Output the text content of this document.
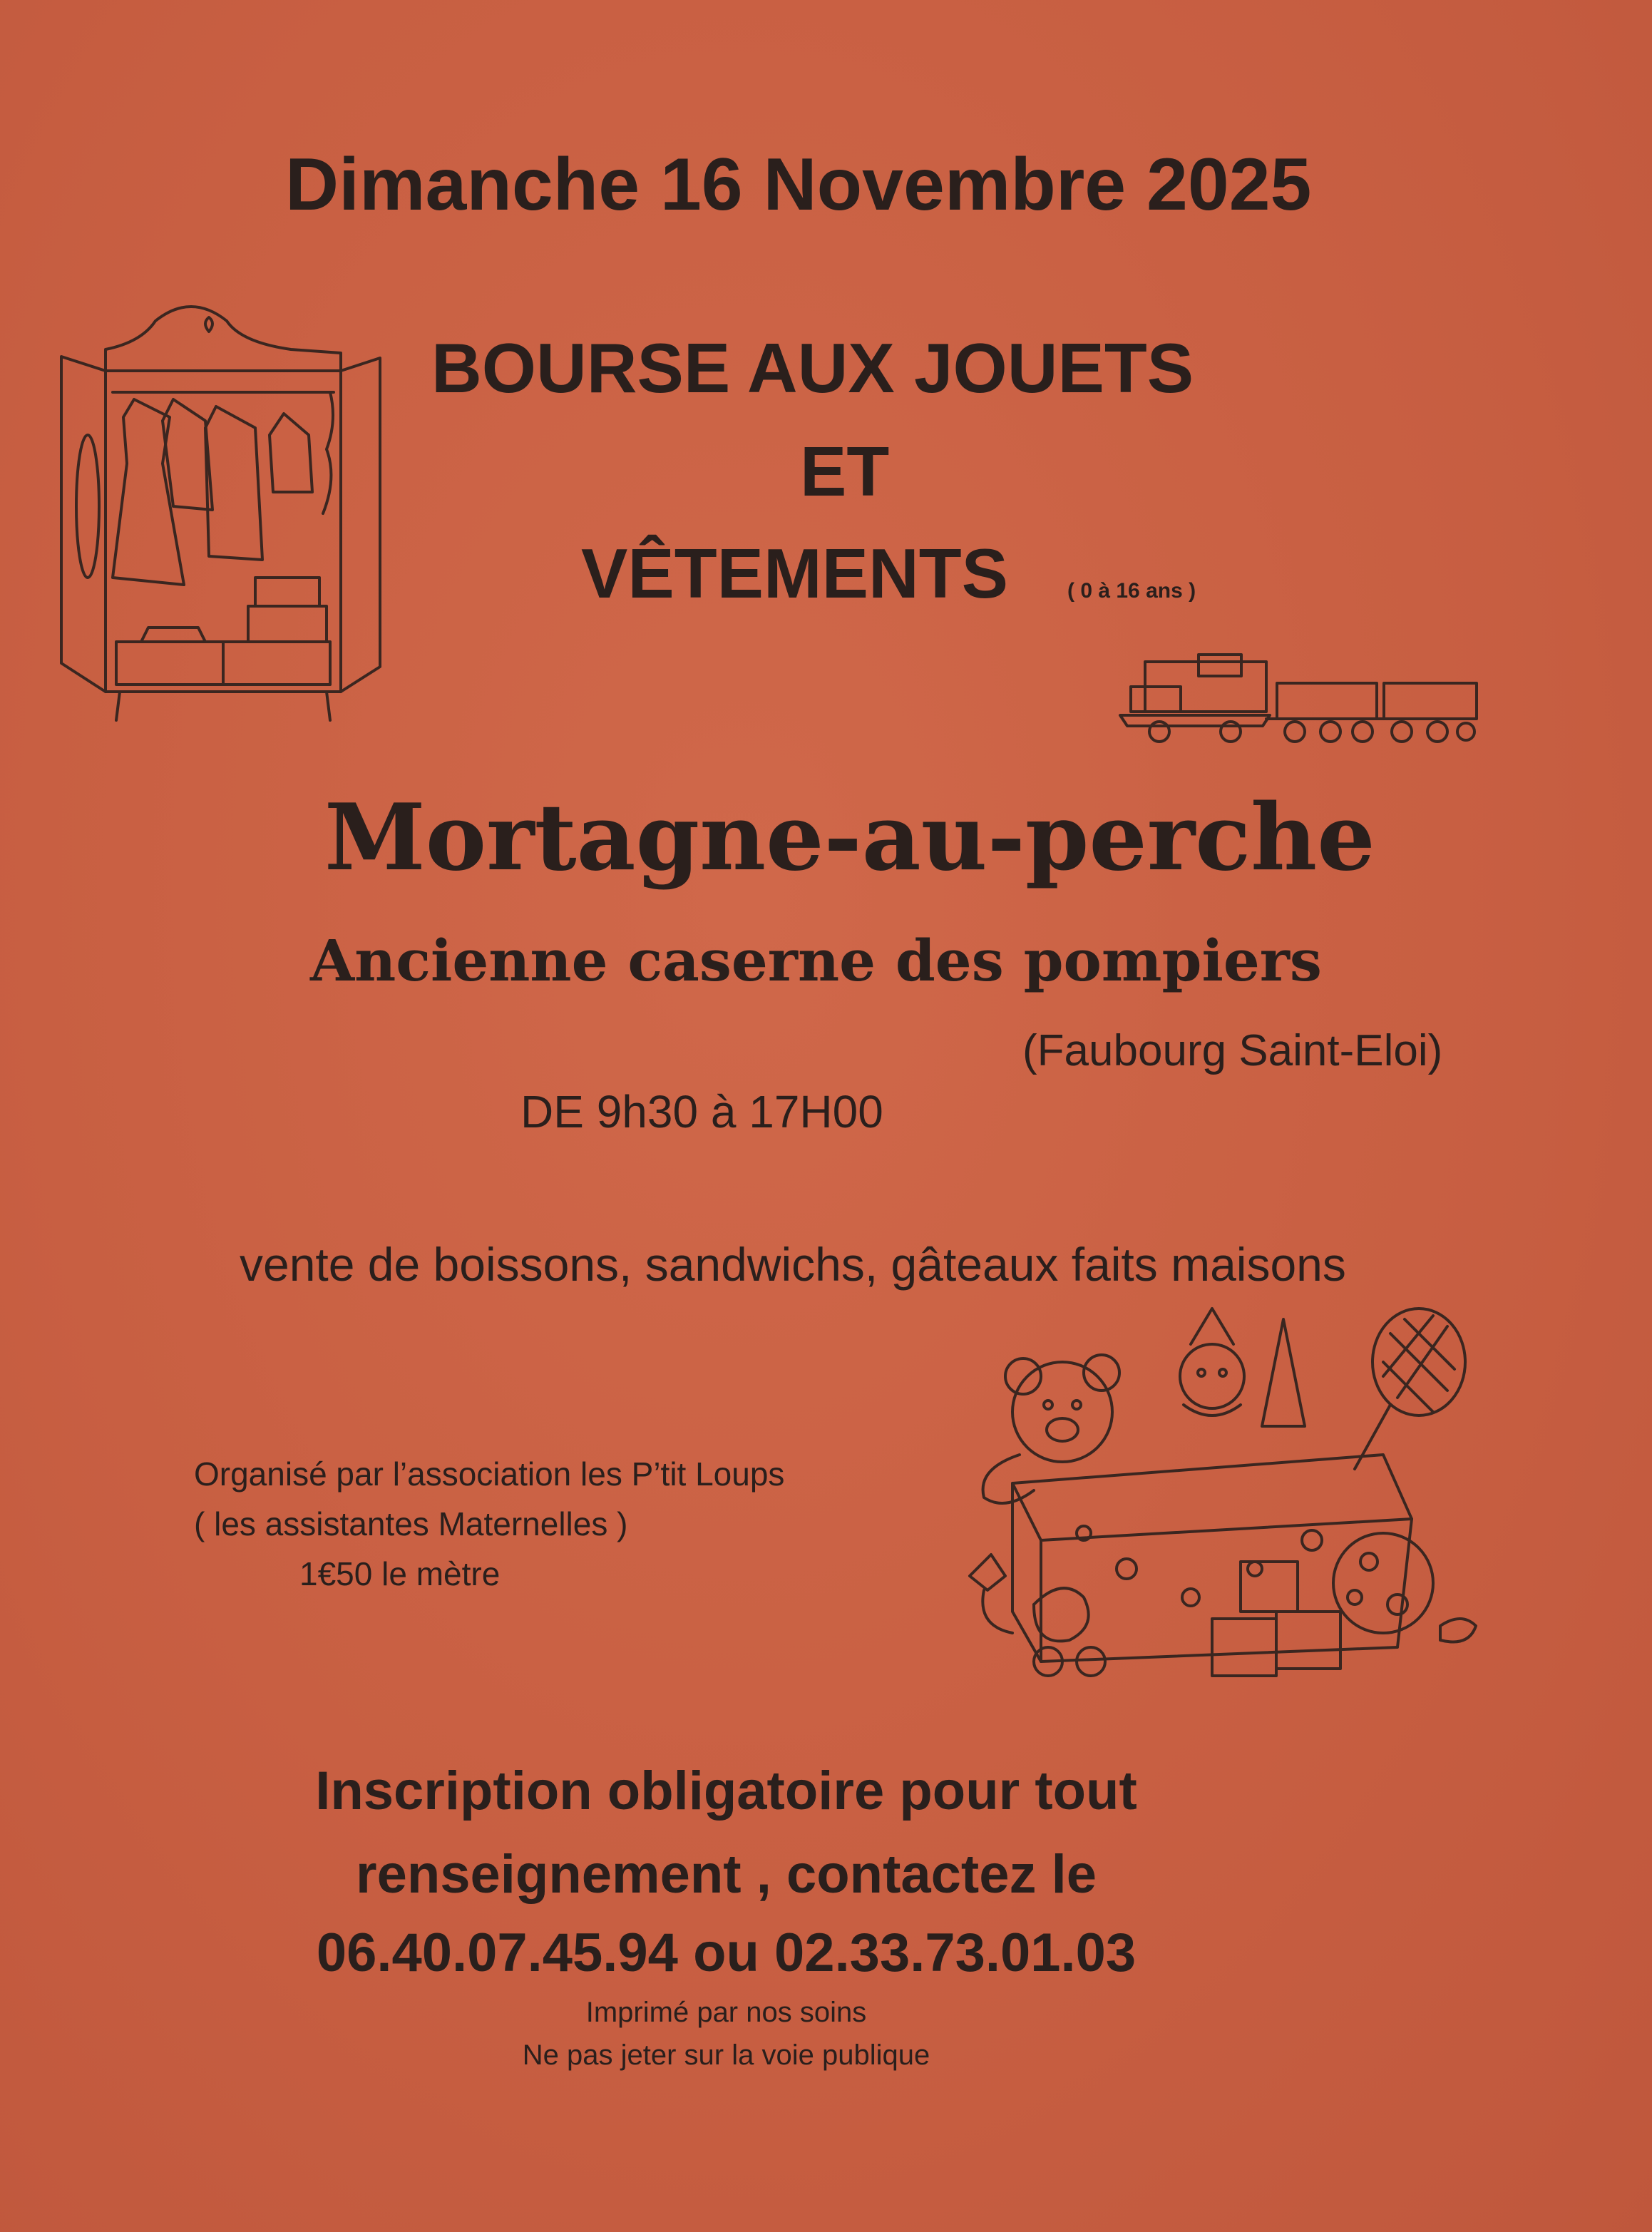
Dimanche 16 Novembre 2025

BOURSE AUX JOUETS

ET

VÊTEMENTS	( 0 à 16 ans )

Mortagne-au-perche

Ancienne caserne des pompiers

(Faubourg Saint-Eloi)

DE 9h30 à 17H00

vente de boissons, sandwichs, gâteaux faits maisons

Organisé par l’association les P’tit Loups

( les assistantes Maternelles )

1€50 le mètre

Inscription obligatoire pour tout

renseignement , contactez le

06.40.07.45.94 ou 02.33.73.01.03

Imprimé par nos soins

Ne pas jeter sur la voie publique
